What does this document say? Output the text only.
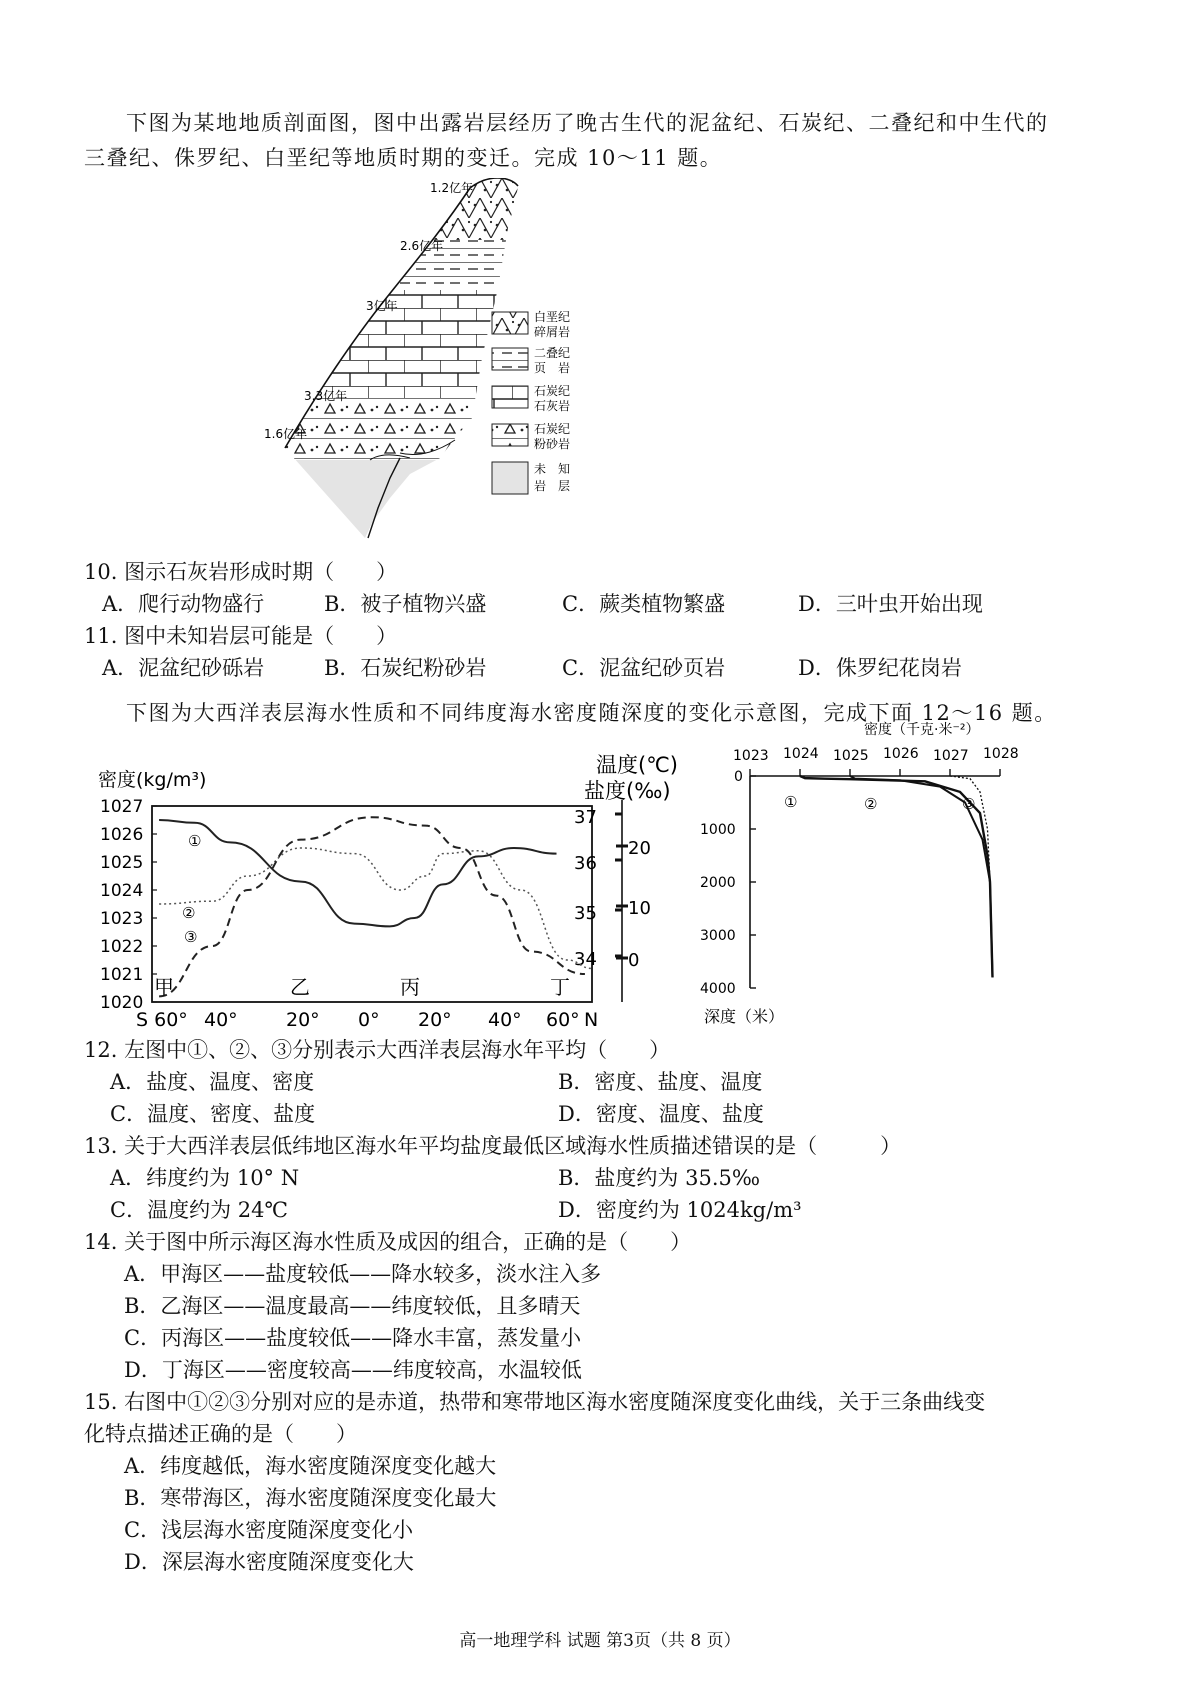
下图为某地地质剖面图，图中出露岩层经历了晚古生代的泥盆纪、石炭纪、二叠纪和中生代的
三叠纪、侏罗纪、白垩纪等地质时期的变迁。完成 10～11 题。
1.2亿年
2.6亿年
3亿年
3.3亿年
1.6亿年
白垩纪
碎屑岩
二叠纪
页　岩
石炭纪
石灰岩
石炭纪
粉砂岩
未　知
岩　层
10. 图示石灰岩形成时期（　　）
A．爬行动物盛行	B．被子植物兴盛	C．蕨类植物繁盛	D．三叶虫开始出现
11. 图中未知岩层可能是（　　）
A．泥盆纪砂砾岩	B．石炭纪粉砂岩	C．泥盆纪砂页岩	D．侏罗纪花岗岩
下图为大西洋表层海水性质和不同纬度海水密度随深度的变化示意图，完成下面 12～16 题。
密度(kg/m³)
温度(℃)
盐度(‰)
1027
1026
1025
1024
1023
1022
1021
1020
37
36
35
34
20
10
0
S 60° 40°	20° 0° 20° 40° 60° N
甲	乙	丙	丁
①
②
③
密度（千克·米⁻²）
1023 1024 1025 1026 1027 1028
0
1000
2000
3000
4000
深度（米）
①	②	③
12. 左图中①、②、③分别表示大西洋表层海水年平均（　　）
A．盐度、温度、密度	B．密度、盐度、温度
C．温度、密度、盐度	D．密度、温度、盐度
13. 关于大西洋表层低纬地区海水年平均盐度最低区域海水性质描述错误的是（　　　）
A．纬度约为 10° N	B．盐度约为 35.5‰
C．温度约为 24℃	D．密度约为 1024kg/m³
14. 关于图中所示海区海水性质及成因的组合，正确的是（　　）
A．甲海区——盐度较低——降水较多，淡水注入多
B．乙海区——温度最高——纬度较低，且多晴天
C．丙海区——盐度较低——降水丰富，蒸发量小
D．丁海区——密度较高——纬度较高，水温较低
15. 右图中①②③分别对应的是赤道，热带和寒带地区海水密度随深度变化曲线，关于三条曲线变
化特点描述正确的是（　　）
A．纬度越低，海水密度随深度变化越大
B．寒带海区，海水密度随深度变化最大
C．浅层海水密度随深度变化小
D．深层海水密度随深度变化大
高一地理学科 试题 第3页（共 8 页）
